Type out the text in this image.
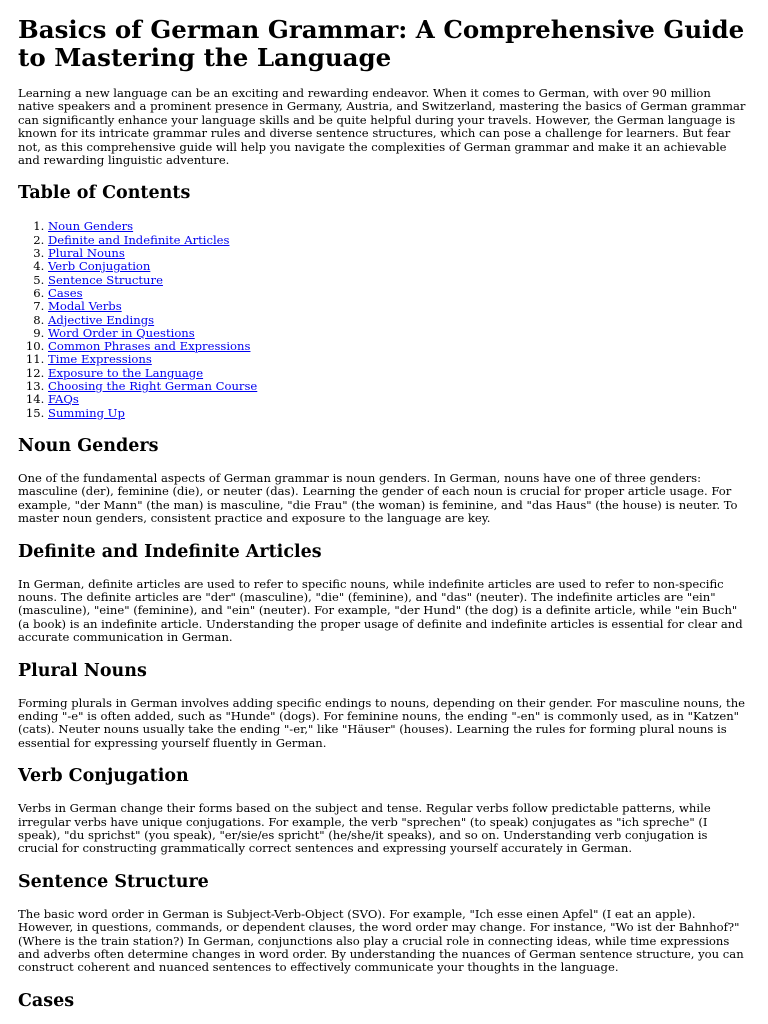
Basics of German Grammar: A Comprehensive Guide to Mastering the Language

Learning a new language can be an exciting and rewarding endeavor. When it comes to German, with over 90 million native speakers and a prominent presence in Germany, Austria, and Switzerland, mastering the basics of German grammar can significantly enhance your language skills and be quite helpful during your travels. However, the German language is known for its intricate grammar rules and diverse sentence structures, which can pose a challenge for learners. But fear not, as this comprehensive guide will help you navigate the complexities of German grammar and make it an achievable and rewarding linguistic adventure.

Table of Contents
1. Noun Genders
2. Definite and Indefinite Articles
3. Plural Nouns
4. Verb Conjugation
5. Sentence Structure
6. Cases
7. Modal Verbs
8. Adjective Endings
9. Word Order in Questions
10. Common Phrases and Expressions
11. Time Expressions
12. Exposure to the Language
13. Choosing the Right German Course
14. FAQs
15. Summing Up
Noun Genders

One of the fundamental aspects of German grammar is noun genders. In German, nouns have one of three genders: masculine (der), feminine (die), or neuter (das). Learning the gender of each noun is crucial for proper article usage. For example, "der Mann" (the man) is masculine, "die Frau" (the woman) is feminine, and "das Haus" (the house) is neuter. To master noun genders, consistent practice and exposure to the language are key.

Definite and Indefinite Articles

In German, definite articles are used to refer to specific nouns, while indefinite articles are used to refer to non-specific nouns. The definite articles are "der" (masculine), "die" (feminine), and "das" (neuter). The indefinite articles are "ein" (masculine), "eine" (feminine), and "ein" (neuter). For example, "der Hund" (the dog) is a definite article, while "ein Buch" (a book) is an indefinite article. Understanding the proper usage of definite and indefinite articles is essential for clear and accurate communication in German.

Plural Nouns

Forming plurals in German involves adding specific endings to nouns, depending on their gender. For masculine nouns, the ending "-e" is often added, such as "Hunde" (dogs). For feminine nouns, the ending "-en" is commonly used, as in "Katzen" (cats). Neuter nouns usually take the ending "-er," like "Häuser" (houses). Learning the rules for forming plural nouns is essential for expressing yourself fluently in German.

Verb Conjugation

Verbs in German change their forms based on the subject and tense. Regular verbs follow predictable patterns, while irregular verbs have unique conjugations. For example, the verb "sprechen" (to speak) conjugates as "ich spreche" (I speak), "du sprichst" (you speak), "er/sie/es spricht" (he/she/it speaks), and so on. Understanding verb conjugation is crucial for constructing grammatically correct sentences and expressing yourself accurately in German.

Sentence Structure

The basic word order in German is Subject-Verb-Object (SVO). For example, "Ich esse einen Apfel" (I eat an apple). However, in questions, commands, or dependent clauses, the word order may change. For instance, "Wo ist der Bahnhof?" (Where is the train station?) In German, conjunctions also play a crucial role in connecting ideas, while time expressions and adverbs often determine changes in word order. By understanding the nuances of German sentence structure, you can construct coherent and nuanced sentences to effectively communicate your thoughts in the language.

Cases
